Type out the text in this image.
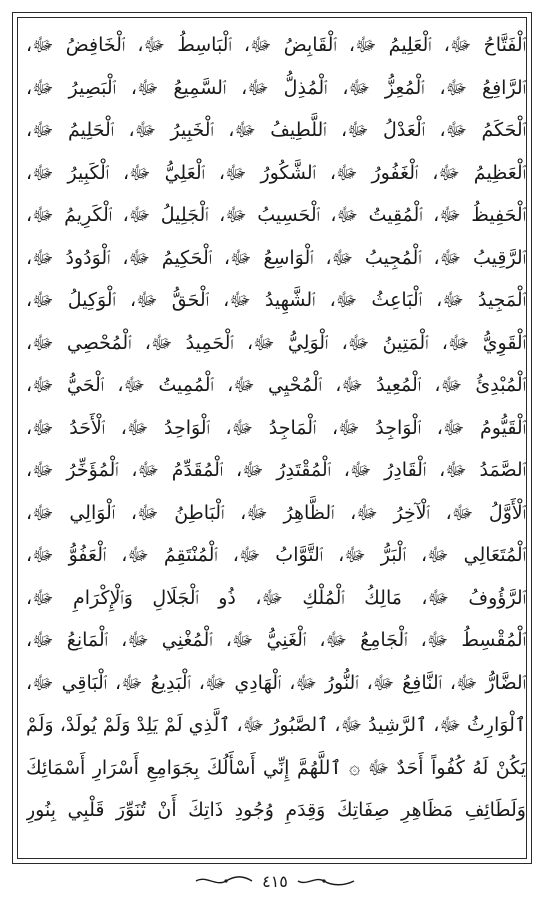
ٱلْفَتَّاحُ ﷻ، ٱلْعَلِيمُ ﷻ، ٱلْقَابِضُ ﷻ، ٱلْبَاسِطُ ﷻ، ٱلْخَافِضُ ﷻ،
ٱلرَّافِعُ ﷻ، ٱلْمُعِزُّ ﷻ، ٱلْمُذِلُّ ﷻ، ٱلسَّمِيعُ ﷻ، ٱلْبَصِيرُ ﷻ،
ٱلْحَكَمُ ﷻ، ٱلْعَدْلُ ﷻ، ٱللَّطِيفُ ﷻ، ٱلْخَبِيرُ ﷻ، ٱلْحَلِيمُ ﷻ،
ٱلْعَظِيمُ ﷻ، ٱلْغَفُورُ ﷻ، ٱلشَّكُورُ ﷻ، ٱلْعَلِيُّ ﷻ، ٱلْكَبِيرُ ﷻ،
ٱلْحَفِيظُ ﷻ، ٱلْمُقِيتُ ﷻ، ٱلْحَسِيبُ ﷻ، ٱلْجَلِيلُ ﷻ، ٱلْكَرِيمُ ﷻ،
ٱلرَّقِيبُ ﷻ، ٱلْمُجِيبُ ﷻ، ٱلْوَاسِعُ ﷻ، ٱلْحَكِيمُ ﷻ، ٱلْوَدُودُ ﷻ،
ٱلْمَجِيدُ ﷻ، ٱلْبَاعِثُ ﷻ، ٱلشَّهِيدُ ﷻ، ٱلْحَقُّ ﷻ، ٱلْوَكِيلُ ﷻ،
ٱلْقَوِيُّ ﷻ، ٱلْمَتِينُ ﷻ، ٱلْوَلِيُّ ﷻ، ٱلْحَمِيدُ ﷻ، ٱلْمُحْصِي ﷻ،
ٱلْمُبْدِئُ ﷻ، ٱلْمُعِيدُ ﷻ، ٱلْمُحْيِي ﷻ، ٱلْمُمِيتُ ﷻ، ٱلْحَيُّ ﷻ،
ٱلْقَيُّومُ ﷻ، ٱلْوَاجِدُ ﷻ، ٱلْمَاجِدُ ﷻ، ٱلْوَاحِدُ ﷻ، ٱلْأَحَدُ ﷻ،
ٱلصَّمَدُ ﷻ، ٱلْقَادِرُ ﷻ، ٱلْمُقْتَدِرُ ﷻ، ٱلْمُقَدِّمُ ﷻ، ٱلْمُؤَخِّرُ ﷻ،
ٱلْأَوَّلُ ﷻ، ٱلْآخِرُ ﷻ، ٱلظَّاهِرُ ﷻ، ٱلْبَاطِنُ ﷻ، ٱلْوَالِي ﷻ،
ٱلْمُتَعَالِي ﷻ، ٱلْبَرُّ ﷻ، ٱلتَّوَّابُ ﷻ، ٱلْمُنْتَقِمُ ﷻ، ٱلْعَفُوُّ ﷻ،
ٱلرَّؤُوفُ ﷻ، مَالِكُ ٱلْمُلْكِ ﷻ، ذُو ٱلْجَلَالِ وَٱلْإِكْرَامِ ﷻ،
ٱلْمُقْسِطُ ﷻ، ٱلْجَامِعُ ﷻ، ٱلْغَنِيُّ ﷻ، ٱلْمُغْنِي ﷻ، ٱلْمَانِعُ ﷻ،
ٱلضَّارُّ ﷻ، ٱلنَّافِعُ ﷻ، ٱلنُّورُ ﷻ، ٱلْهَادِي ﷻ، ٱلْبَدِيعُ ﷻ، ٱلْبَاقِي ﷻ،
ٱلْوَارِثُ ﷻ، ٱلرَّشِيدُ ﷻ، ٱلصَّبُورُ ﷻ، ٱلَّذِي لَمْ يَلِدْ وَلَمْ يُولَدْ، وَلَمْ
يَكُنْ لَهُ كُفُواً أَحَدٌ ﷻ ۞ ٱللَّهُمَّ إِنِّي أَسْأَلُكَ بِجَوَامِعِ أَسْرَارِ أَسْمَائِكَ
وَلَطَائِفِ مَظَاهِرِ صِفَاتِكَ وَقِدَمِ وُجُودِ ذَاتِكَ أَنْ تُنَوِّرَ قَلْبِي بِنُورِ
٤١٥
